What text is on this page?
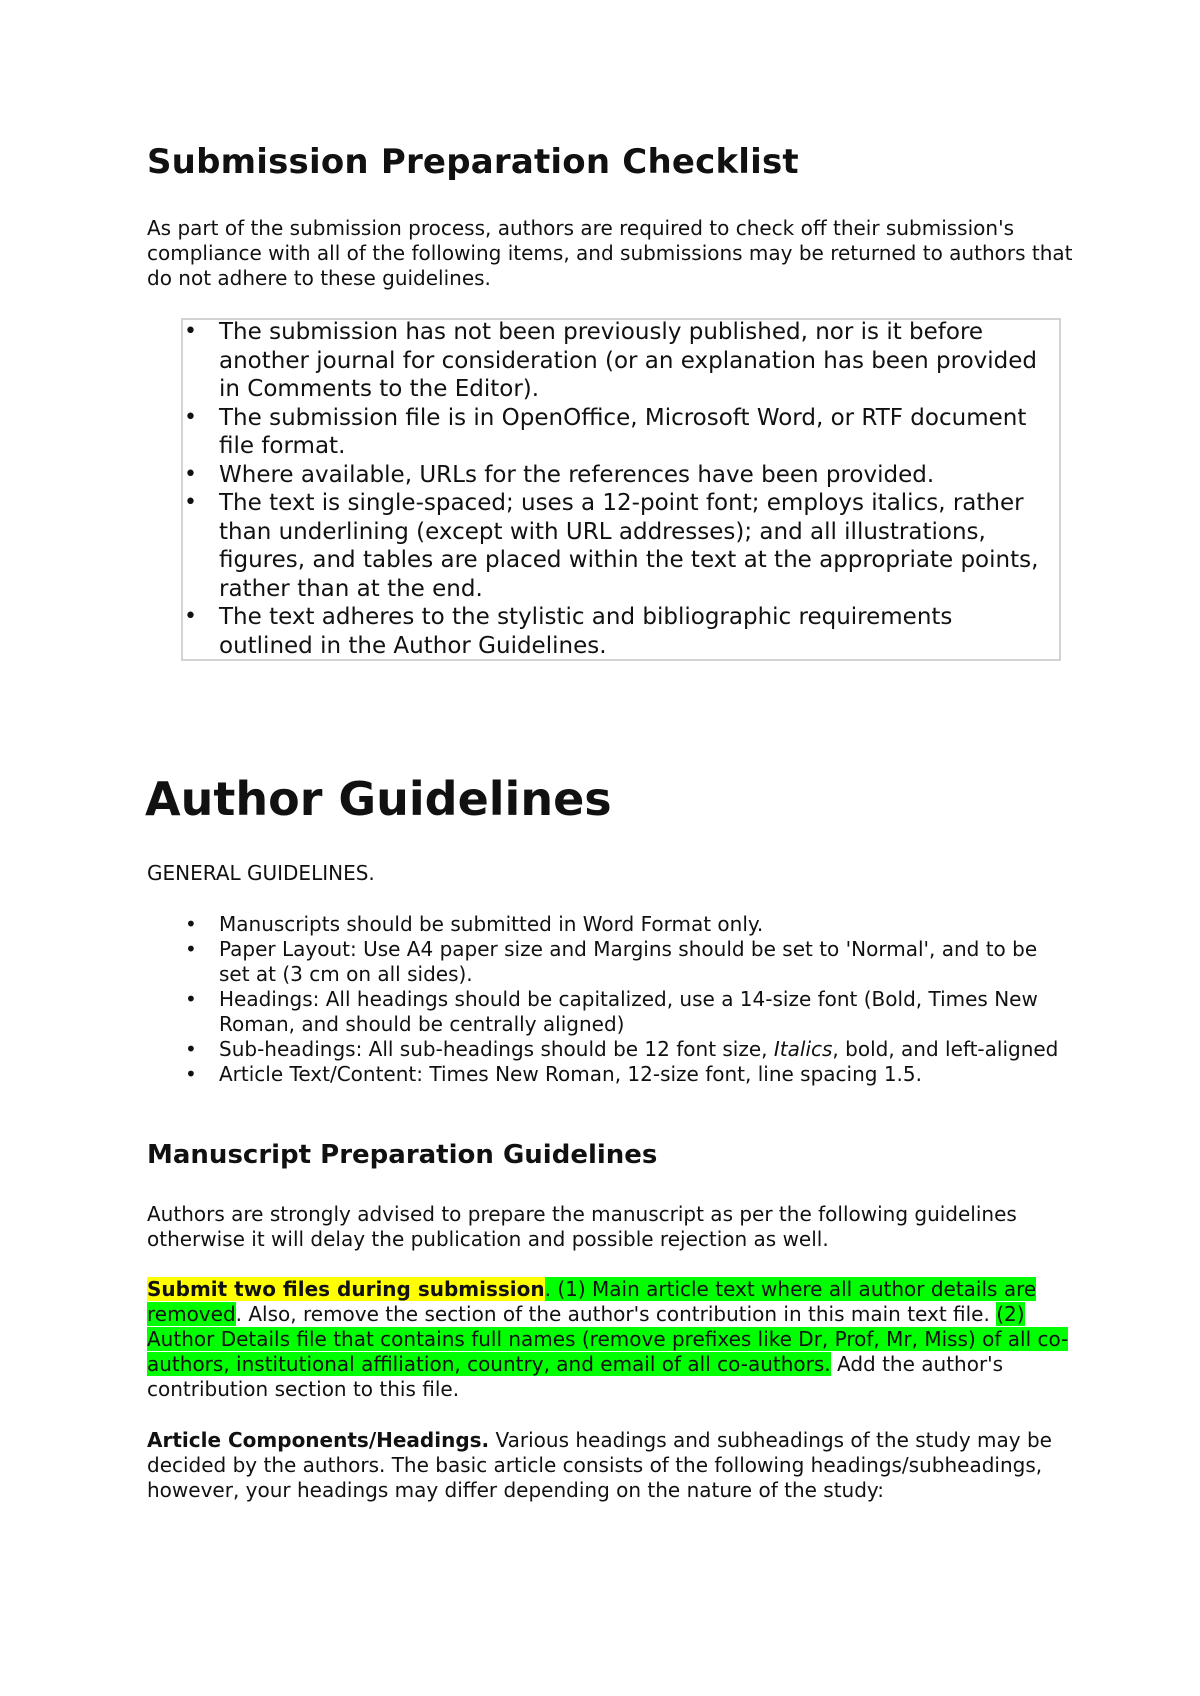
Submission Preparation Checklist

As part of the submission process, authors are required to check off their submission's compliance with all of the following items, and submissions may be returned to authors that do not adhere to these guidelines.

• The submission has not been previously published, nor is it before another journal for consideration (or an explanation has been provided in Comments to the Editor).
• The submission file is in OpenOffice, Microsoft Word, or RTF document file format.
• Where available, URLs for the references have been provided.
• The text is single-spaced; uses a 12-point font; employs italics, rather than underlining (except with URL addresses); and all illustrations, figures, and tables are placed within the text at the appropriate points, rather than at the end.
• The text adheres to the stylistic and bibliographic requirements outlined in the Author Guidelines.
Author Guidelines

GENERAL GUIDELINES.

• Manuscripts should be submitted in Word Format only.
• Paper Layout: Use A4 paper size and Margins should be set to 'Normal', and to be set at (3 cm on all sides).
• Headings: All headings should be capitalized, use a 14-size font (Bold, Times New Roman, and should be centrally aligned)
• Sub-headings: All sub-headings should be 12 font size, Italics, bold, and left-aligned
• Article Text/Content: Times New Roman, 12-size font, line spacing 1.5.
Manuscript Preparation Guidelines

Authors are strongly advised to prepare the manuscript as per the following guidelines otherwise it will delay the publication and possible rejection as well.

Submit two files during submission. (1) Main article text where all author details are removed. Also, remove the section of the author's contribution in this main text file. (2) Author Details file that contains full names (remove prefixes like Dr, Prof, Mr, Miss) of all co-authors, institutional affiliation, country, and email of all co-authors. Add the author's contribution section to this file.

Article Components/Headings. Various headings and subheadings of the study may be decided by the authors. The basic article consists of the following headings/subheadings, however, your headings may differ depending on the nature of the study:
